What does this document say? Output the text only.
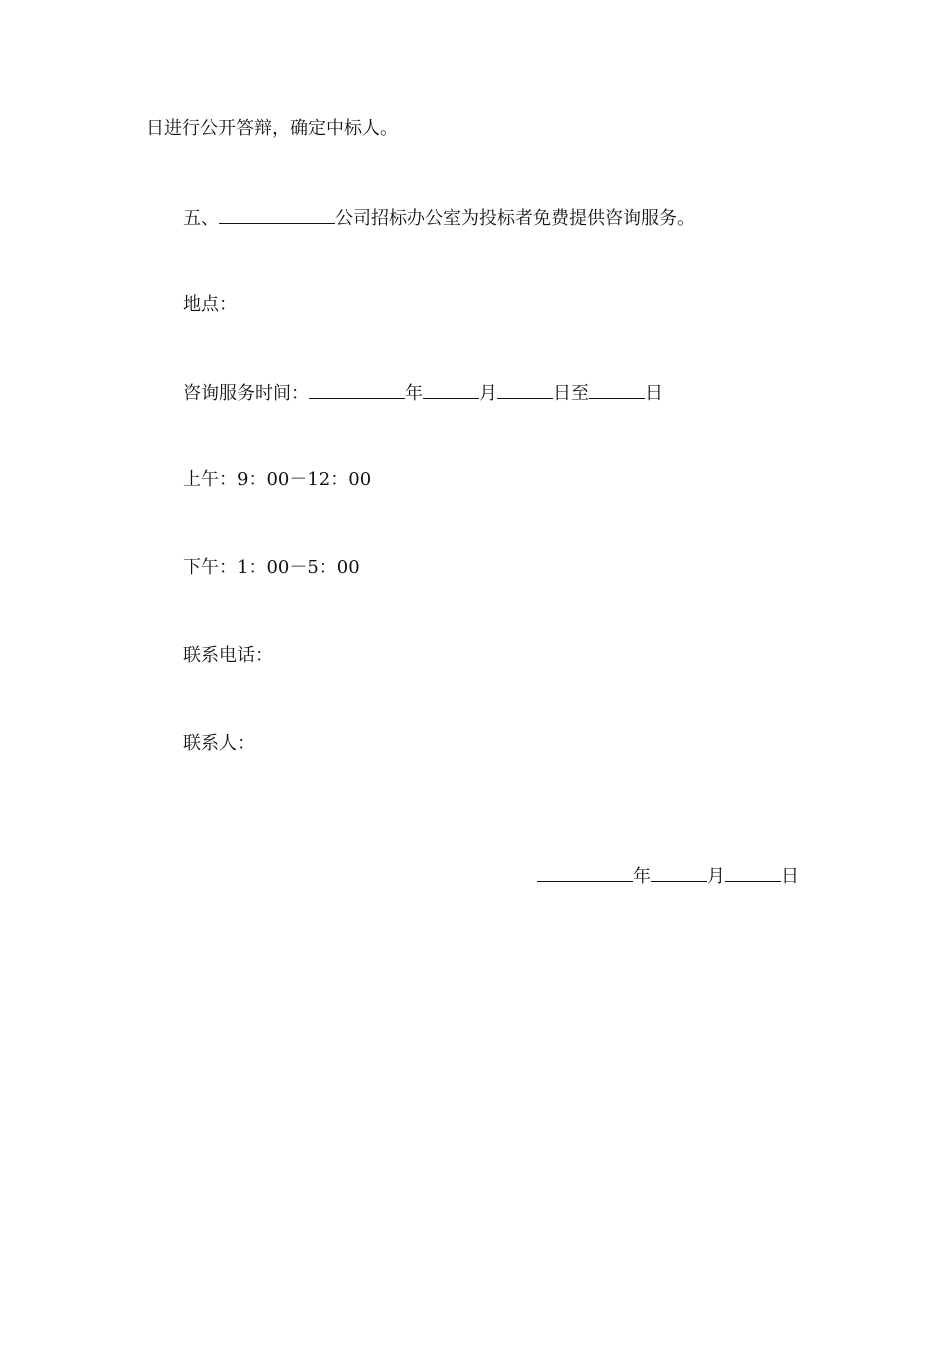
日进行公开答辩，确定中标人。
五、	公司招标办公室为投标者免费提供咨询服务。
地点：
咨询服务时间：	年	月	日至	日
上午：9：00－12：00
下午：1：00－5：00
联系电话：
联系人：
年	月	日
